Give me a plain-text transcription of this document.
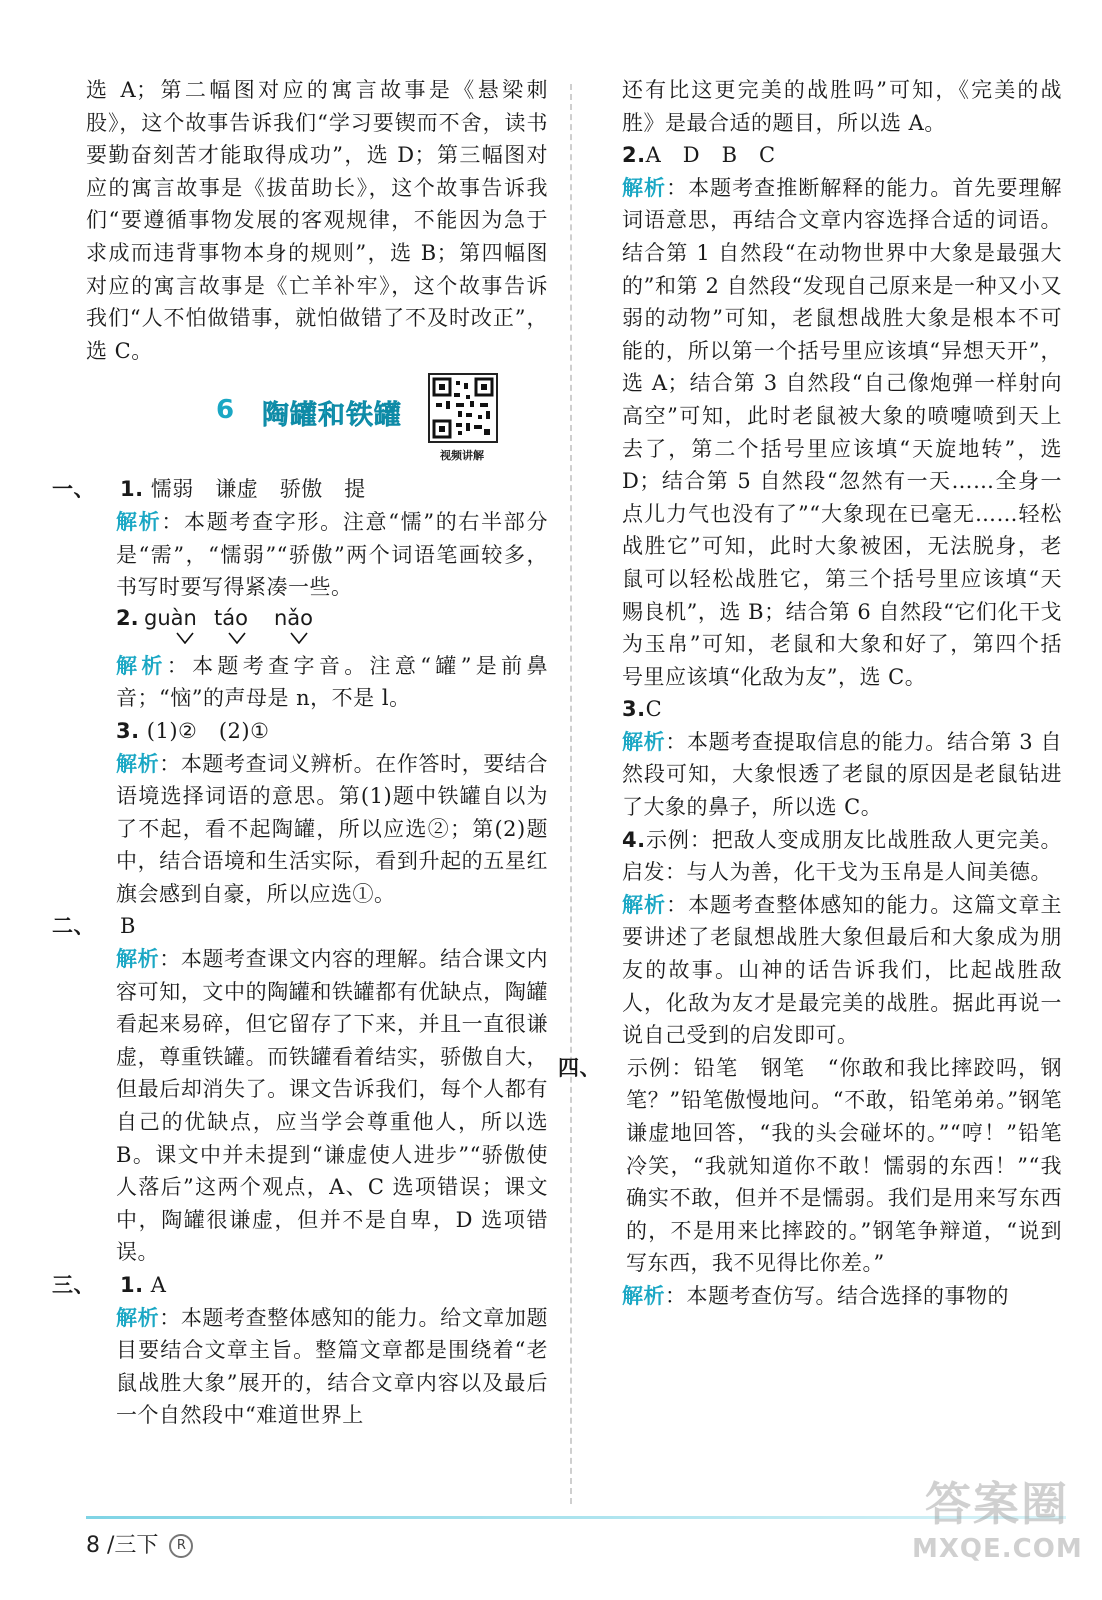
选 A；第二幅图对应的寓言故事是《悬梁刺股》，这个故事告诉我们“学习要锲而不舍，读书要勤奋刻苦才能取得成功”，选 D；第三幅图对应的寓言故事是《拔苗助长》，这个故事告诉我们“要遵循事物发展的客观规律，不能因为急于求成而违背事物本身的规则”，选 B；第四幅图对应的寓言故事是《亡羊补牢》，这个故事告诉我们“人不怕做错事，就怕做错了不及时改正”，选 C。

6 陶罐和铁罐
视频讲解

一、 1. 懦弱　谦虚　骄傲　提

解析：本题考查字形。注意“懦”的右半部分是“需”，“懦弱”“骄傲”两个词语笔画较多，书写时要写得紧凑一些。

2. guàn táo nǎo

解析：本题考查字音。注意“罐”是前鼻音；“恼”的声母是 n，不是 l。

3. (1)②　(2)①

解析：本题考查词义辨析。在作答时，要结合语境选择词语的意思。第(1)题中铁罐自以为了不起，看不起陶罐，所以应选②；第(2)题中，结合语境和生活实际，看到升起的五星红旗会感到自豪，所以应选①。

二、 B

解析：本题考查课文内容的理解。结合课文内容可知，文中的陶罐和铁罐都有优缺点，陶罐看起来易碎，但它留存了下来，并且一直很谦虚，尊重铁罐。而铁罐看着结实，骄傲自大，但最后却消失了。课文告诉我们，每个人都有自己的优缺点，应当学会尊重他人，所以选 B。课文中并未提到“谦虚使人进步”“骄傲使人落后”这两个观点，A、C 选项错误；课文中，陶罐很谦虚，但并不是自卑，D 选项错误。

三、 1. A

解析：本题考查整体感知的能力。给文章加题目要结合文章主旨。整篇文章都是围绕着“老鼠战胜大象”展开的，结合文章内容以及最后一个自然段中“难道世界上

还有比这更完美的战胜吗”可知，《完美的战胜》是最合适的题目，所以选 A。

2.A　D　B　C

解析：本题考查推断解释的能力。首先要理解词语意思，再结合文章内容选择合适的词语。结合第 1 自然段“在动物世界中大象是最强大的”和第 2 自然段“发现自己原来是一种又小又弱的动物”可知，老鼠想战胜大象是根本不可能的，所以第一个括号里应该填“异想天开”，选 A；结合第 3 自然段“自己像炮弹一样射向高空”可知，此时老鼠被大象的喷嚏喷到天上去了，第二个括号里应该填“天旋地转”，选 D；结合第 5 自然段“忽然有一天……全身一点儿力气也没有了”“大象现在已毫无……轻松战胜它”可知，此时大象被困，无法脱身，老鼠可以轻松战胜它，第三个括号里应该填“天赐良机”，选 B；结合第 6 自然段“它们化干戈为玉帛”可知，老鼠和大象和好了，第四个括号里应该填“化敌为友”，选 C。

3.C

解析：本题考查提取信息的能力。结合第 3 自然段可知，大象恨透了老鼠的原因是老鼠钻进了大象的鼻子，所以选 C。

4.示例：把敌人变成朋友比战胜敌人更完美。启发：与人为善，化干戈为玉帛是人间美德。

解析：本题考查整体感知的能力。这篇文章主要讲述了老鼠想战胜大象但最后和大象成为朋友的故事。山神的话告诉我们，比起战胜敌人，化敌为友才是最完美的战胜。据此再说一说自己受到的启发即可。

四、 示例：铅笔　钢笔　“你敢和我比摔跤吗，钢笔？”铅笔傲慢地问。“不敢，铅笔弟弟。”钢笔谦虚地回答，“我的头会碰坏的。”“哼！”铅笔冷笑，“我就知道你不敢！懦弱的东西！”“我确实不敢，但并不是懦弱。我们是用来写东西的，不是用来比摔跤的。”钢笔争辩道，“说到写东西，我不见得比你差。”

解析：本题考查仿写。结合选择的事物的

8 /三下 R
答案圈
MXQE.COM
